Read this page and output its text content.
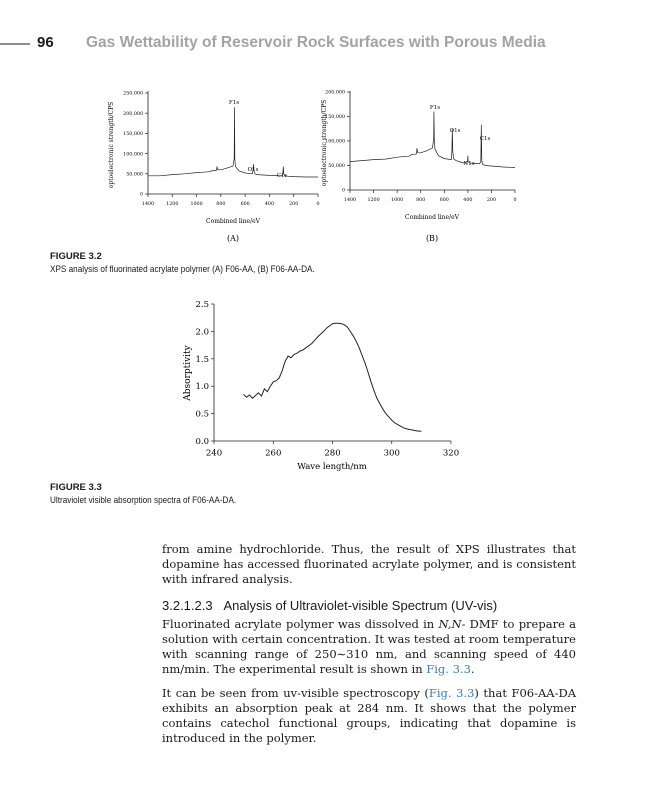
96 Gas Wettability of Reservoir Rock Surfaces with Porous Media
0
50,000
100,000
150,000
200,000
250,000
1400	1200	1000	800	600	400	200	0
F1s
O1s
C1s
Combined line/eV
optoelectronic strength/CPS
(A)
0
50,000
100,000
150,000
200,000
1400 1200 1000	800	600	400	200	0
F1s
O1s
N1s
C1s
Combined line/eV
optoelectronic strength/CPS
(B)
FIGURE 3.2
XPS analysis of fluorinated acrylate polymer (A) F06-AA, (B) F06-AA-DA.
0.0
0.5
1.0
1.5
2.0
2.5
240	260	280	300	320
Wave length/nm
Absorptivity
FIGURE 3.3
Ultraviolet visible absorption spectra of F06-AA-DA.

from amine hydrochloride. Thus, the result of XPS illustrates that dopamine has accessed fluorinated acrylate polymer, and is consistent with infrared analysis.

3.2.1.2.3 Analysis of Ultraviolet-visible Spectrum (UV-vis)

Fluorinated acrylate polymer was dissolved in N,N- DMF to prepare a solution with certain concentration. It was tested at room temperature with scanning range of 250∼310 nm, and scanning speed of 440 nm/min. The experimental result is shown in Fig. 3.3.

It can be seen from uv-visible spectroscopy (Fig. 3.3) that F06-AA-DA exhibits an absorption peak at 284 nm. It shows that the polymer contains catechol functional groups, indicating that dopamine is introduced in the polymer.
